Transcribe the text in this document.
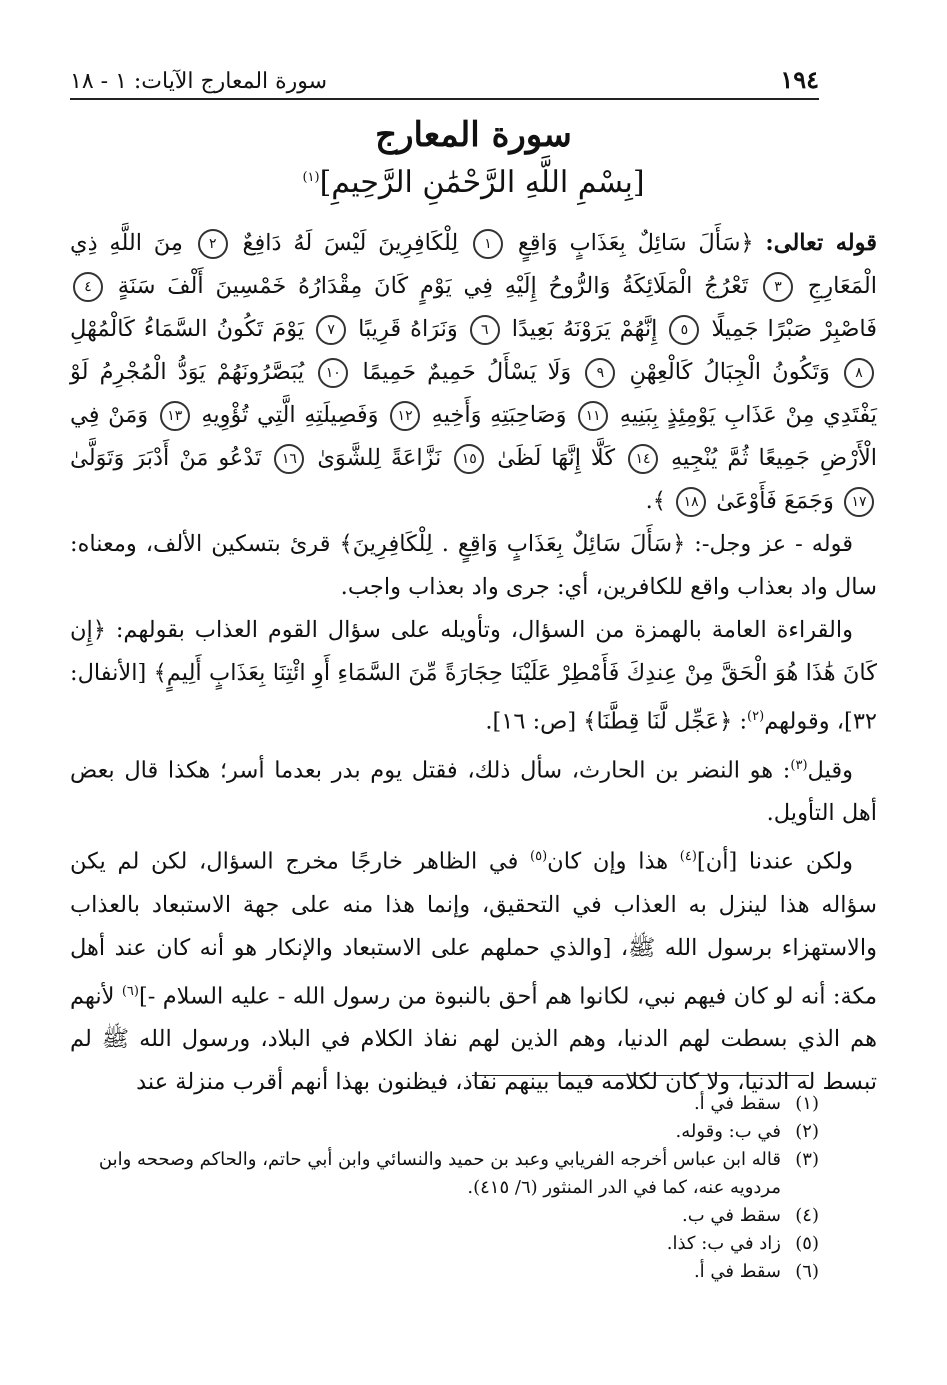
١٩٤
سورة المعارج الآيات: ١ - ١٨
سورة المعارج
[بِسْمِ اللَّهِ الرَّحْمَٰنِ الرَّحِيمِ]$^{(١)}$

قوله تعالى: ﴿سَأَلَ سَائِلٌ بِعَذَابٍ وَاقِعٍ ١ لِلْكَافِرِينَ لَيْسَ لَهُ دَافِعٌ ٢ مِنَ اللَّهِ ذِي الْمَعَارِجِ ٣ تَعْرُجُ الْمَلَائِكَةُ وَالرُّوحُ إِلَيْهِ فِي يَوْمٍ كَانَ مِقْدَارُهُ خَمْسِينَ أَلْفَ سَنَةٍ ٤ فَاصْبِرْ صَبْرًا جَمِيلًا ٥ إِنَّهُمْ يَرَوْنَهُ بَعِيدًا ٦ وَنَرَاهُ قَرِيبًا ٧ يَوْمَ تَكُونُ السَّمَاءُ كَالْمُهْلِ ٨ وَتَكُونُ الْجِبَالُ كَالْعِهْنِ ٩ وَلَا يَسْأَلُ حَمِيمٌ حَمِيمًا ١٠ يُبَصَّرُونَهُمْ يَوَدُّ الْمُجْرِمُ لَوْ يَفْتَدِي مِنْ عَذَابِ يَوْمِئِذٍ بِبَنِيهِ ١١ وَصَاحِبَتِهِ وَأَخِيهِ ١٢ وَفَصِيلَتِهِ الَّتِي تُؤْوِيهِ ١٣ وَمَنْ فِي الْأَرْضِ جَمِيعًا ثُمَّ يُنْجِيهِ ١٤ كَلَّا إِنَّهَا لَظَىٰ ١٥ نَزَّاعَةً لِلشَّوَىٰ ١٦ تَدْعُو مَنْ أَدْبَرَ وَتَوَلَّىٰ ١٧ وَجَمَعَ فَأَوْعَىٰ ١٨ ﴾.

قوله - عز وجل-: ﴿سَأَلَ سَائِلٌ بِعَذَابٍ وَاقِعٍ . لِلْكَافِرِينَ﴾ قرئ بتسكين الألف، ومعناه: سال واد بعذاب واقع للكافرين، أي: جرى واد بعذاب واجب.

والقراءة العامة بالهمزة من السؤال، وتأويله على سؤال القوم العذاب بقولهم: ﴿إِن كَانَ هَٰذَا هُوَ الْحَقَّ مِنْ عِندِكَ فَأَمْطِرْ عَلَيْنَا حِجَارَةً مِّنَ السَّمَاءِ أَوِ ائْتِنَا بِعَذَابٍ أَلِيمٍ﴾ [الأنفال: ٣٢]، وقولهم$^{(٢)}$: ﴿عَجِّل لَّنَا قِطَّنَا﴾ [ص: ١٦].

وقيل$^{(٣)}$: هو النضر بن الحارث، سأل ذلك، فقتل يوم بدر بعدما أسر؛ هكذا قال بعض أهل التأويل.

ولكن عندنا [أن]$^{(٤)}$ هذا وإن كان$^{(٥)}$ في الظاهر خارجًا مخرج السؤال، لكن لم يكن سؤاله هذا لينزل به العذاب في التحقيق، وإنما هذا منه على جهة الاستبعاد بالعذاب والاستهزاء برسول الله ﷺ، [والذي حملهم على الاستبعاد والإنكار هو أنه كان عند أهل مكة: أنه لو كان فيهم نبي، لكانوا هم أحق بالنبوة من رسول الله - عليه السلام -]$^{(٦)}$ لأنهم هم الذي بسطت لهم الدنيا، وهم الذين لهم نفاذ الكلام في البلاد، ورسول الله ﷺ لم تبسط له الدنيا، ولا كان لكلامه فيما بينهم نفاذ، فيظنون بهذا أنهم أقرب منزلة عند

(١)
سقط في أ.
(٢)
في ب: وقوله.
(٣)
قاله ابن عباس أخرجه الفريابي وعبد بن حميد والنسائي وابن أبي حاتم، والحاكم وصححه وابن مردويه عنه، كما في الدر المنثور (٦/ ٤١٥).
(٤)
سقط في ب.
(٥)
زاد في ب: كذا.
(٦)
سقط في أ.
